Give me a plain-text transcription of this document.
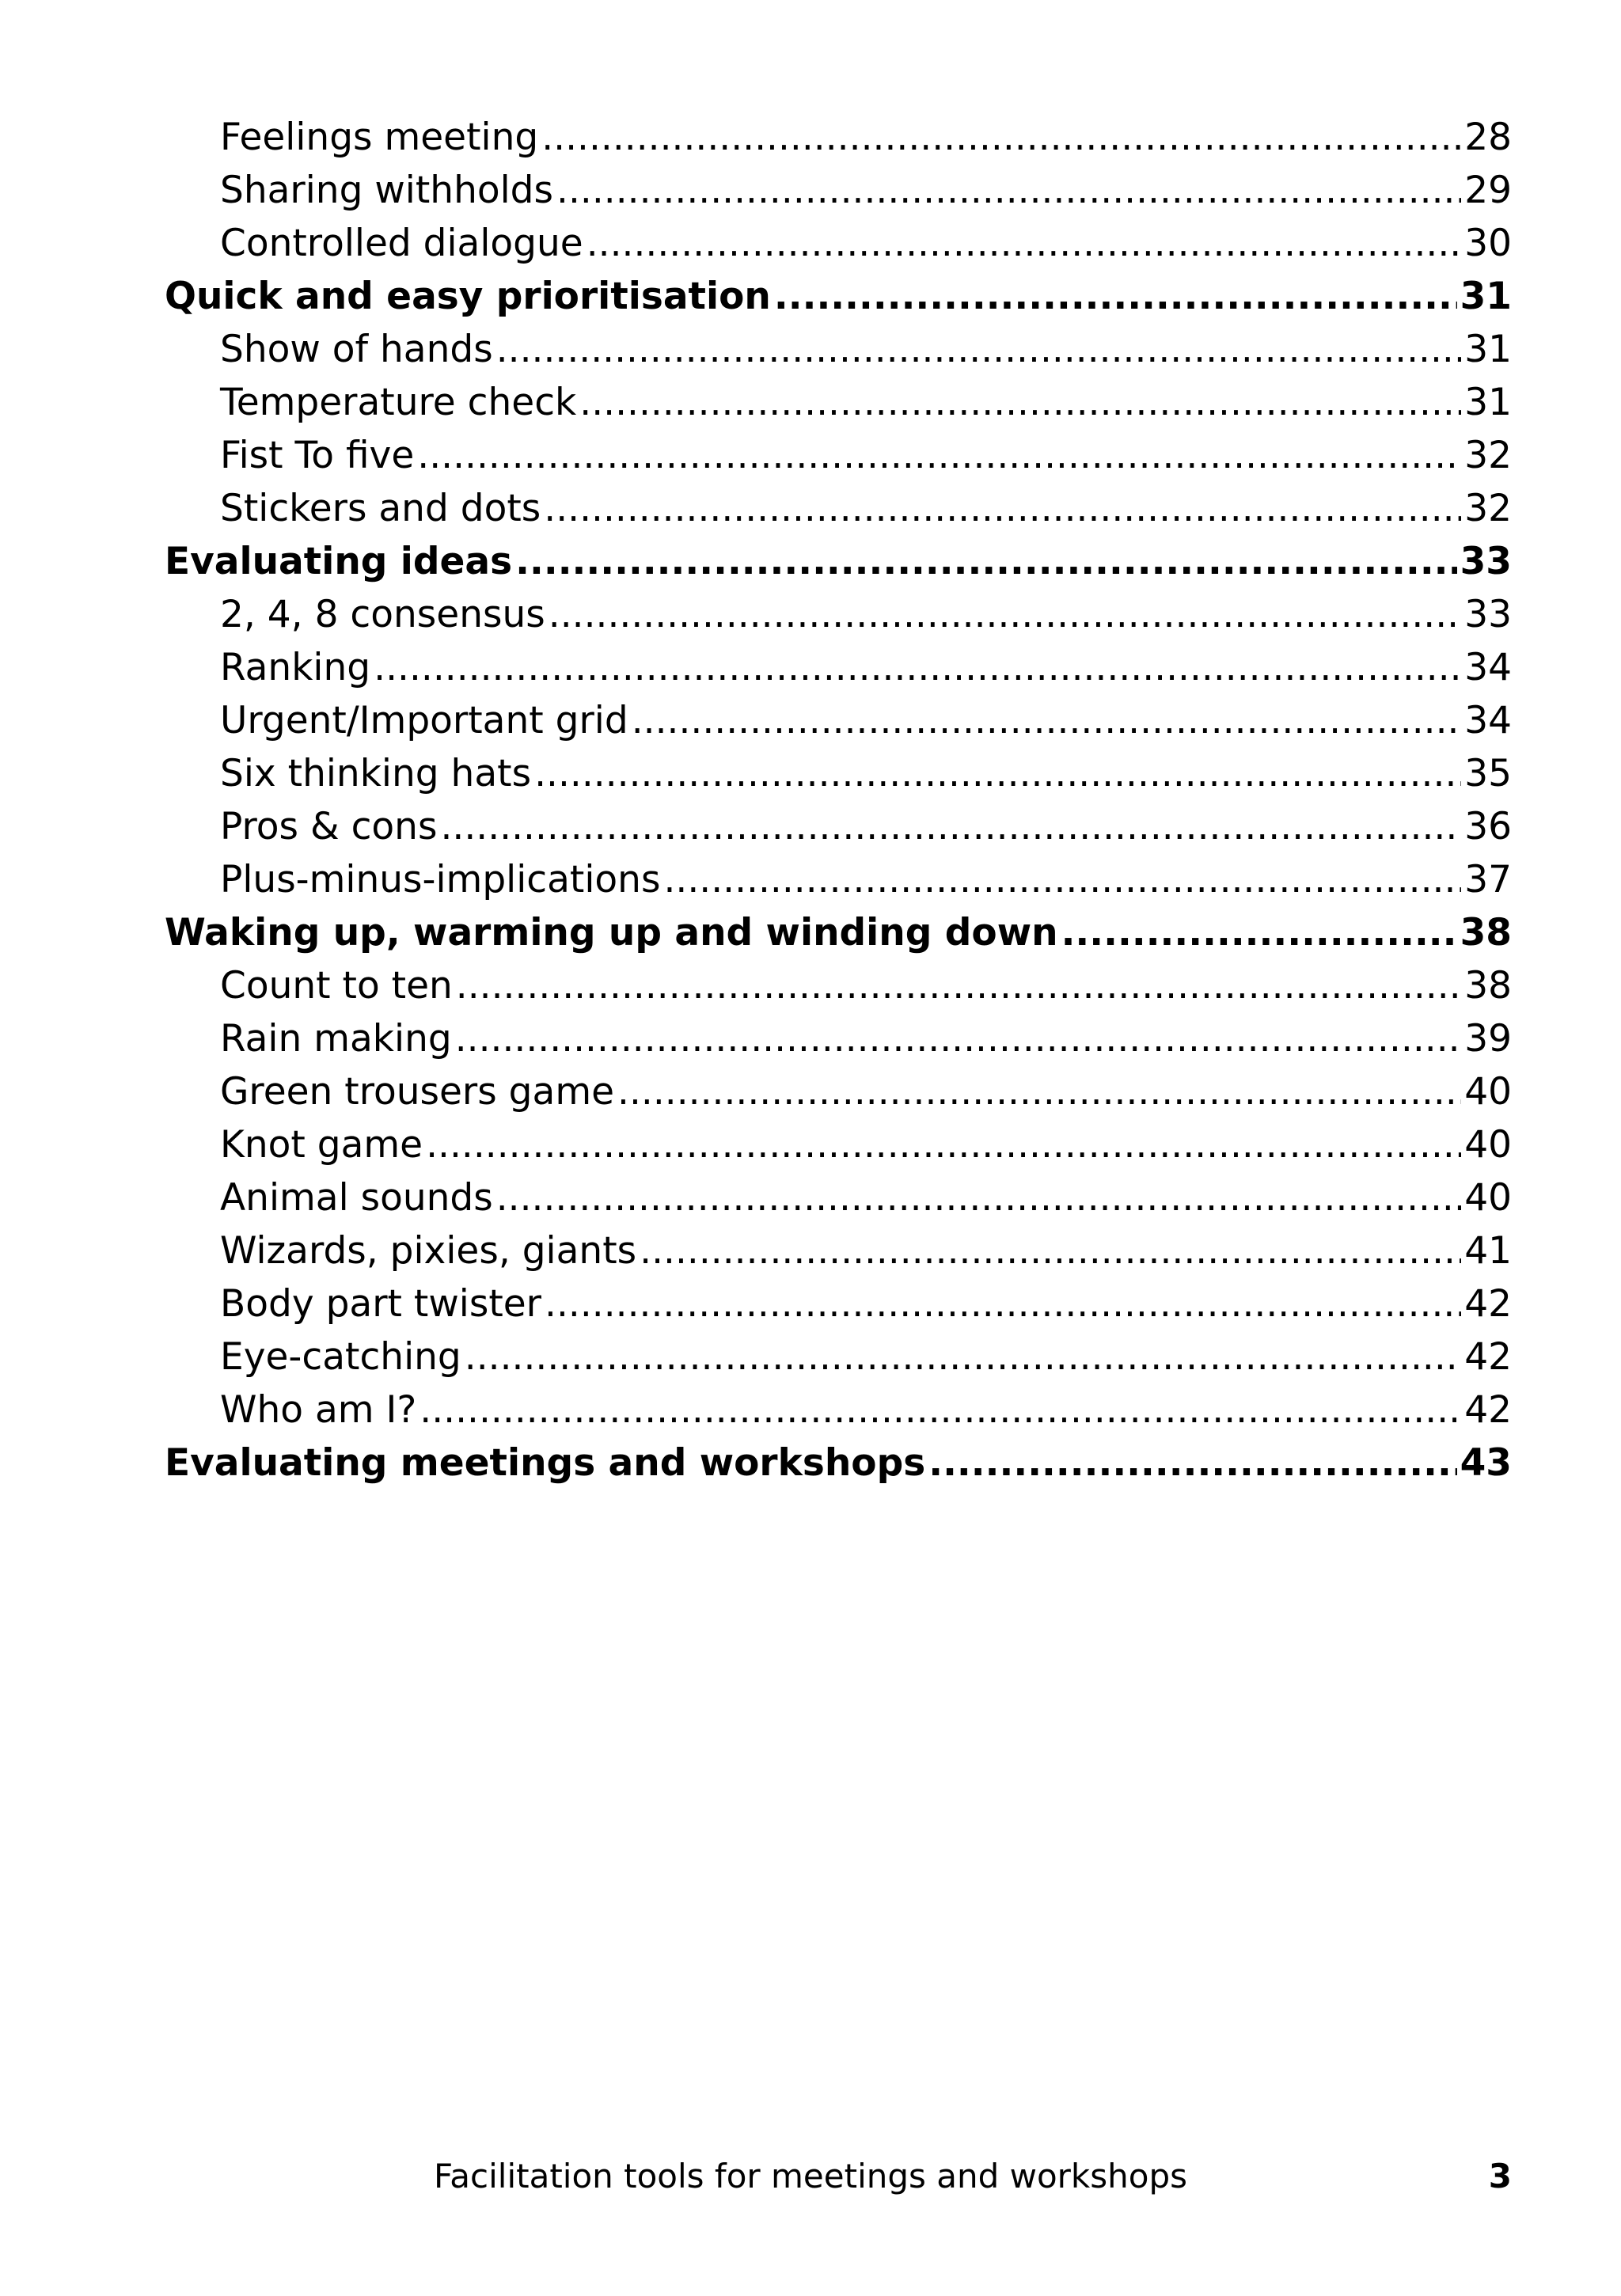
Feelings meeting .....	28
Sharing withholds .....	29
Controlled dialogue .....	30
Quick and easy prioritisation .....	31
Show of hands .....	31
Temperature check .....	31
Fist To five .....	32
Stickers and dots .....	32
Evaluating ideas .....	33
2, 4, 8 consensus .....	33
Ranking .....	34
Urgent/Important grid .....	34
Six thinking hats .....	35
Pros & cons .....	36
Plus-minus-implications .....	37
Waking up, warming up and winding down .....	38
Count to ten .....	38
Rain making .....	39
Green trousers game .....	40
Knot game .....	40
Animal sounds .....	40
Wizards, pixies, giants .....	41
Body part twister .....	42
Eye-catching .....	42
Who am I? .....	42
Evaluating meetings and workshops .....	43
Facilitation tools for meetings and workshops	3
